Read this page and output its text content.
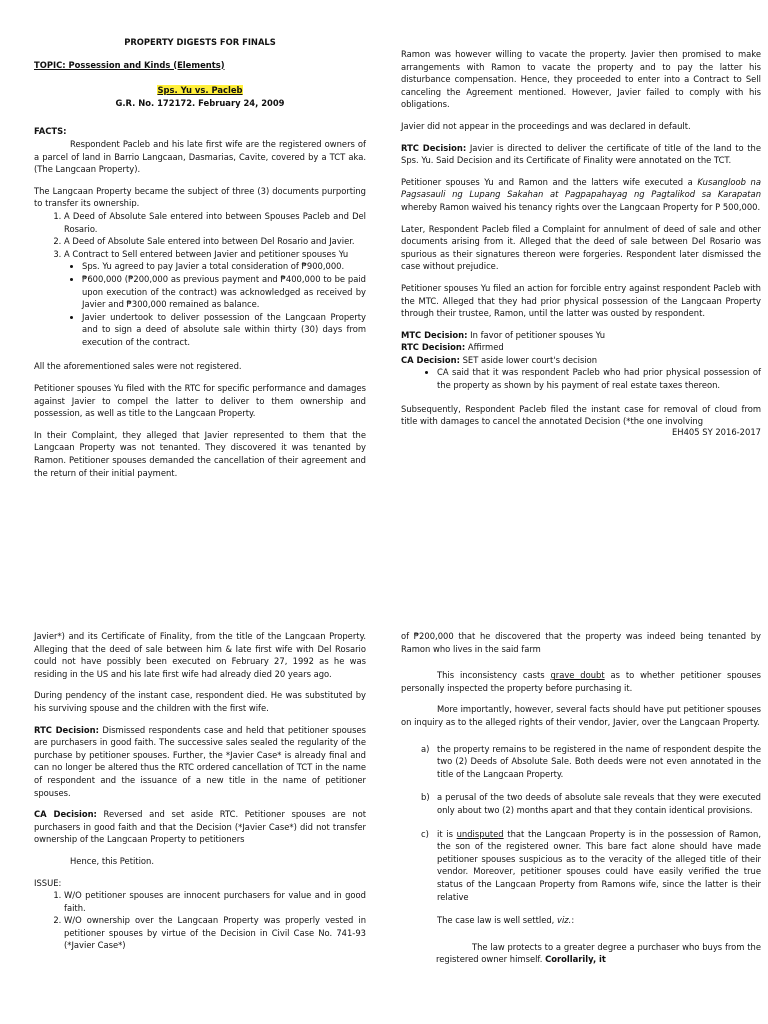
PROPERTY DIGESTS FOR FINALS
TOPIC: Possession and Kinds (Elements)
Sps. Yu vs. Pacleb
G.R. No. 172172. February 24, 2009
FACTS:

Respondent Pacleb and his late first wife are the registered owners of a parcel of land in Barrio Langcaan, Dasmarias, Cavite, covered by a TCT aka. (The Langcaan Property).

The Langcaan Property became the subject of three (3) documents purporting to transfer its ownership.

1. A Deed of Absolute Sale entered into between Spouses Pacleb and Del Rosario.
2. A Deed of Absolute Sale entered into between Del Rosario and Javier.
3. A Contract to Sell entered between Javier and petitioner spouses Yu
• Sps. Yu agreed to pay Javier a total consideration of ₱900,000.
• ₱600,000 (₱200,000 as previous payment and ₱400,000 to be paid upon execution of the contract) was acknowledged as received by Javier and ₱300,000 remained as balance.
• Javier undertook to deliver possession of the Langcaan Property and to sign a deed of absolute sale within thirty (30) days from execution of the contract.

All the aforementioned sales were not registered.

Petitioner spouses Yu filed with the RTC for specific performance and damages against Javier to compel the latter to deliver to them ownership and possession, as well as title to the Langcaan Property.

In their Complaint, they alleged that Javier represented to them that the Langcaan Property was not tenanted. They discovered it was tenanted by Ramon. Petitioner spouses demanded the cancellation of their agreement and the return of their initial payment.

Ramon was however willing to vacate the property. Javier then promised to make arrangements with Ramon to vacate the property and to pay the latter his disturbance compensation. Hence, they proceeded to enter into a Contract to Sell canceling the Agreement mentioned. However, Javier failed to comply with his obligations.

Javier did not appear in the proceedings and was declared in default.

RTC Decision: Javier is directed to deliver the certificate of title of the land to the Sps. Yu. Said Decision and its Certificate of Finality were annotated on the TCT.

Petitioner spouses Yu and Ramon and the latters wife executed a Kusangloob na Pagsasauli ng Lupang Sakahan at Pagpapahayag ng Pagtalikod sa Karapatan whereby Ramon waived his tenancy rights over the Langcaan Property for P 500,000.

Later, Respondent Pacleb filed a Complaint for annulment of deed of sale and other documents arising from it. Alleged that the deed of sale between Del Rosario was spurious as their signatures thereon were forgeries. Respondent later dismissed the case without prejudice.

Petitioner spouses Yu filed an action for forcible entry against respondent Pacleb with the MTC. Alleged that they had prior physical possession of the Langcaan Property through their trustee, Ramon, until the latter was ousted by respondent.

MTC Decision: In favor of petitioner spouses Yu
RTC Decision: Affirmed
CA Decision: SET aside lower court's decision
• CA said that it was respondent Pacleb who had prior physical possession of the property as shown by his payment of real estate taxes thereon.

Subsequently, Respondent Pacleb filed the instant case for removal of cloud from title with damages to cancel the annotated Decision (*the one involving

EH405 SY 2016-2017

Javier*) and its Certificate of Finality, from the title of the Langcaan Property. Alleging that the deed of sale between him & late first wife with Del Rosario could not have possibly been executed on February 27, 1992 as he was residing in the US and his late first wife had already died 20 years ago.

During pendency of the instant case, respondent died. He was substituted by his surviving spouse and the children with the first wife.

RTC Decision: Dismissed respondents case and held that petitioner spouses are purchasers in good faith. The successive sales sealed the regularity of the purchase by petitioner spouses. Further, the *Javier Case* is already final and can no longer be altered thus the RTC ordered cancellation of TCT in the name of respondent and the issuance of a new title in the name of petitioner spouses.

CA Decision: Reversed and set aside RTC. Petitioner spouses are not purchasers in good faith and that the Decision (*Javier Case*) did not transfer ownership of the Langcaan Property to petitioners

Hence, this Petition.

ISSUE:
1. W/O petitioner spouses are innocent purchasers for value and in good faith.
2. W/O ownership over the Langcaan Property was properly vested in petitioner spouses by virtue of the Decision in Civil Case No. 741-93 (*Javier Case*)

of ₱200,000 that he discovered that the property was indeed being tenanted by Ramon who lives in the said farm

This inconsistency casts grave doubt as to whether petitioner spouses personally inspected the property before purchasing it.

More importantly, however, several facts should have put petitioner spouses on inquiry as to the alleged rights of their vendor, Javier, over the Langcaan Property.

a) the property remains to be registered in the name of respondent despite the two (2) Deeds of Absolute Sale. Both deeds were not even annotated in the title of the Langcaan Property.
b) a perusal of the two deeds of absolute sale reveals that they were executed only about two (2) months apart and that they contain identical provisions.
c) it is undisputed that the Langcaan Property is in the possession of Ramon, the son of the registered owner. This bare fact alone should have made petitioner spouses suspicious as to the veracity of the alleged title of their vendor. Moreover, petitioner spouses could have easily verified the true status of the Langcaan Property from Ramons wife, since the latter is their relative

The case law is well settled, viz.:

The law protects to a greater degree a purchaser who buys from the registered owner himself. Corollarily, it
